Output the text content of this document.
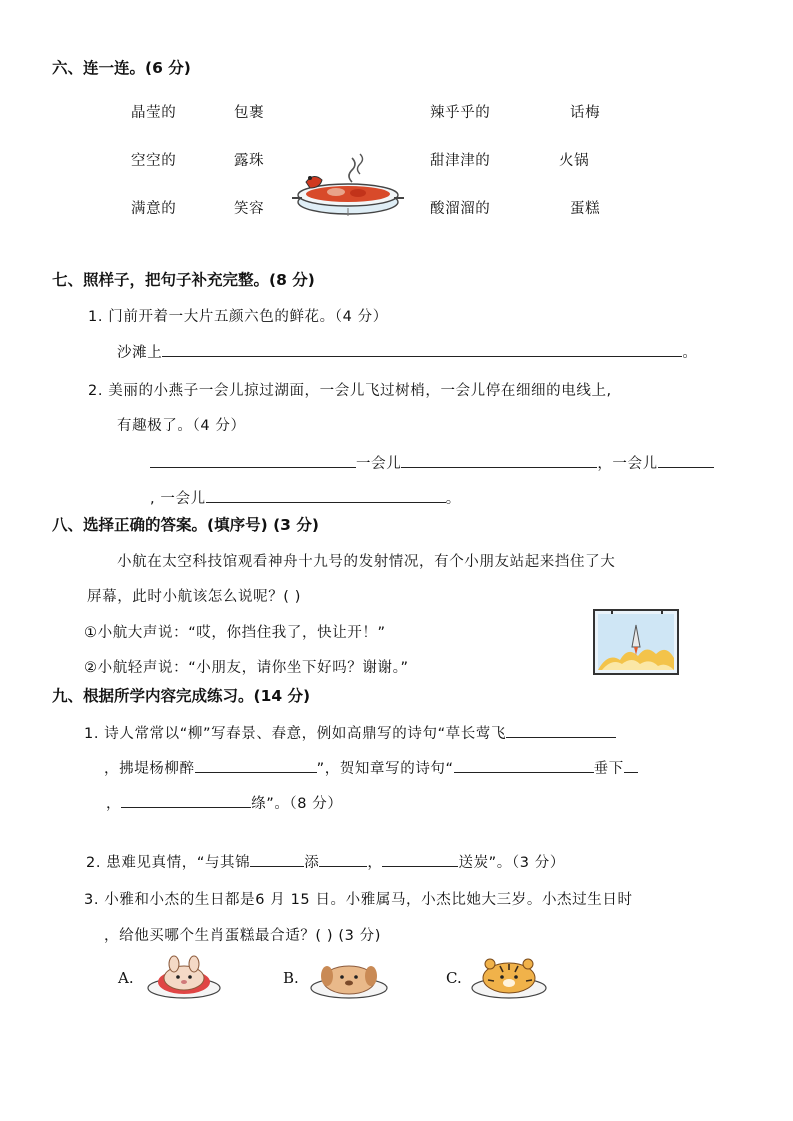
六、连一连。(6 分)
晶莹的
空空的
满意的
包裹
露珠
笑容
辣乎乎的
甜津津的
酸溜溜的
话梅
火锅
蛋糕
七、照样子，把句子补充完整。(8 分)
1. 门前开着一大片五颜六色的鲜花。（4 分）
沙滩上	。
2. 美丽的小燕子一会儿掠过湖面，一会儿飞过树梢，一会儿停在细细的电线上,
有趣极了。（4 分）
一会儿	，一会儿
, 一会儿	。
八、选择正确的答案。(填序号) (3 分)
小航在太空科技馆观看神舟十九号的发射情况，有个小朋友站起来挡住了大
屏幕，此时小航该怎么说呢？( )
①小航大声说：“哎，你挡住我了，快让开！”
②小航轻声说：“小朋友，请你坐下好吗？谢谢。”
九、根据所学内容完成练习。(14 分)
1. 诗人常常以“柳”写春景、春意，例如高鼎写的诗句“草长莺飞
，拂堤杨柳醉	”，贺知章写的诗句“	垂下
，	绦”。（8 分）
2. 患难见真情，“与其锦	添	，	送炭”。（3 分）
3. 小雅和小杰的生日都是6 月 15 日。小雅属马，小杰比她大三岁。小杰过生日时
，给他买哪个生肖蛋糕最合适？( ) (3 分)
A.	B.	C.
